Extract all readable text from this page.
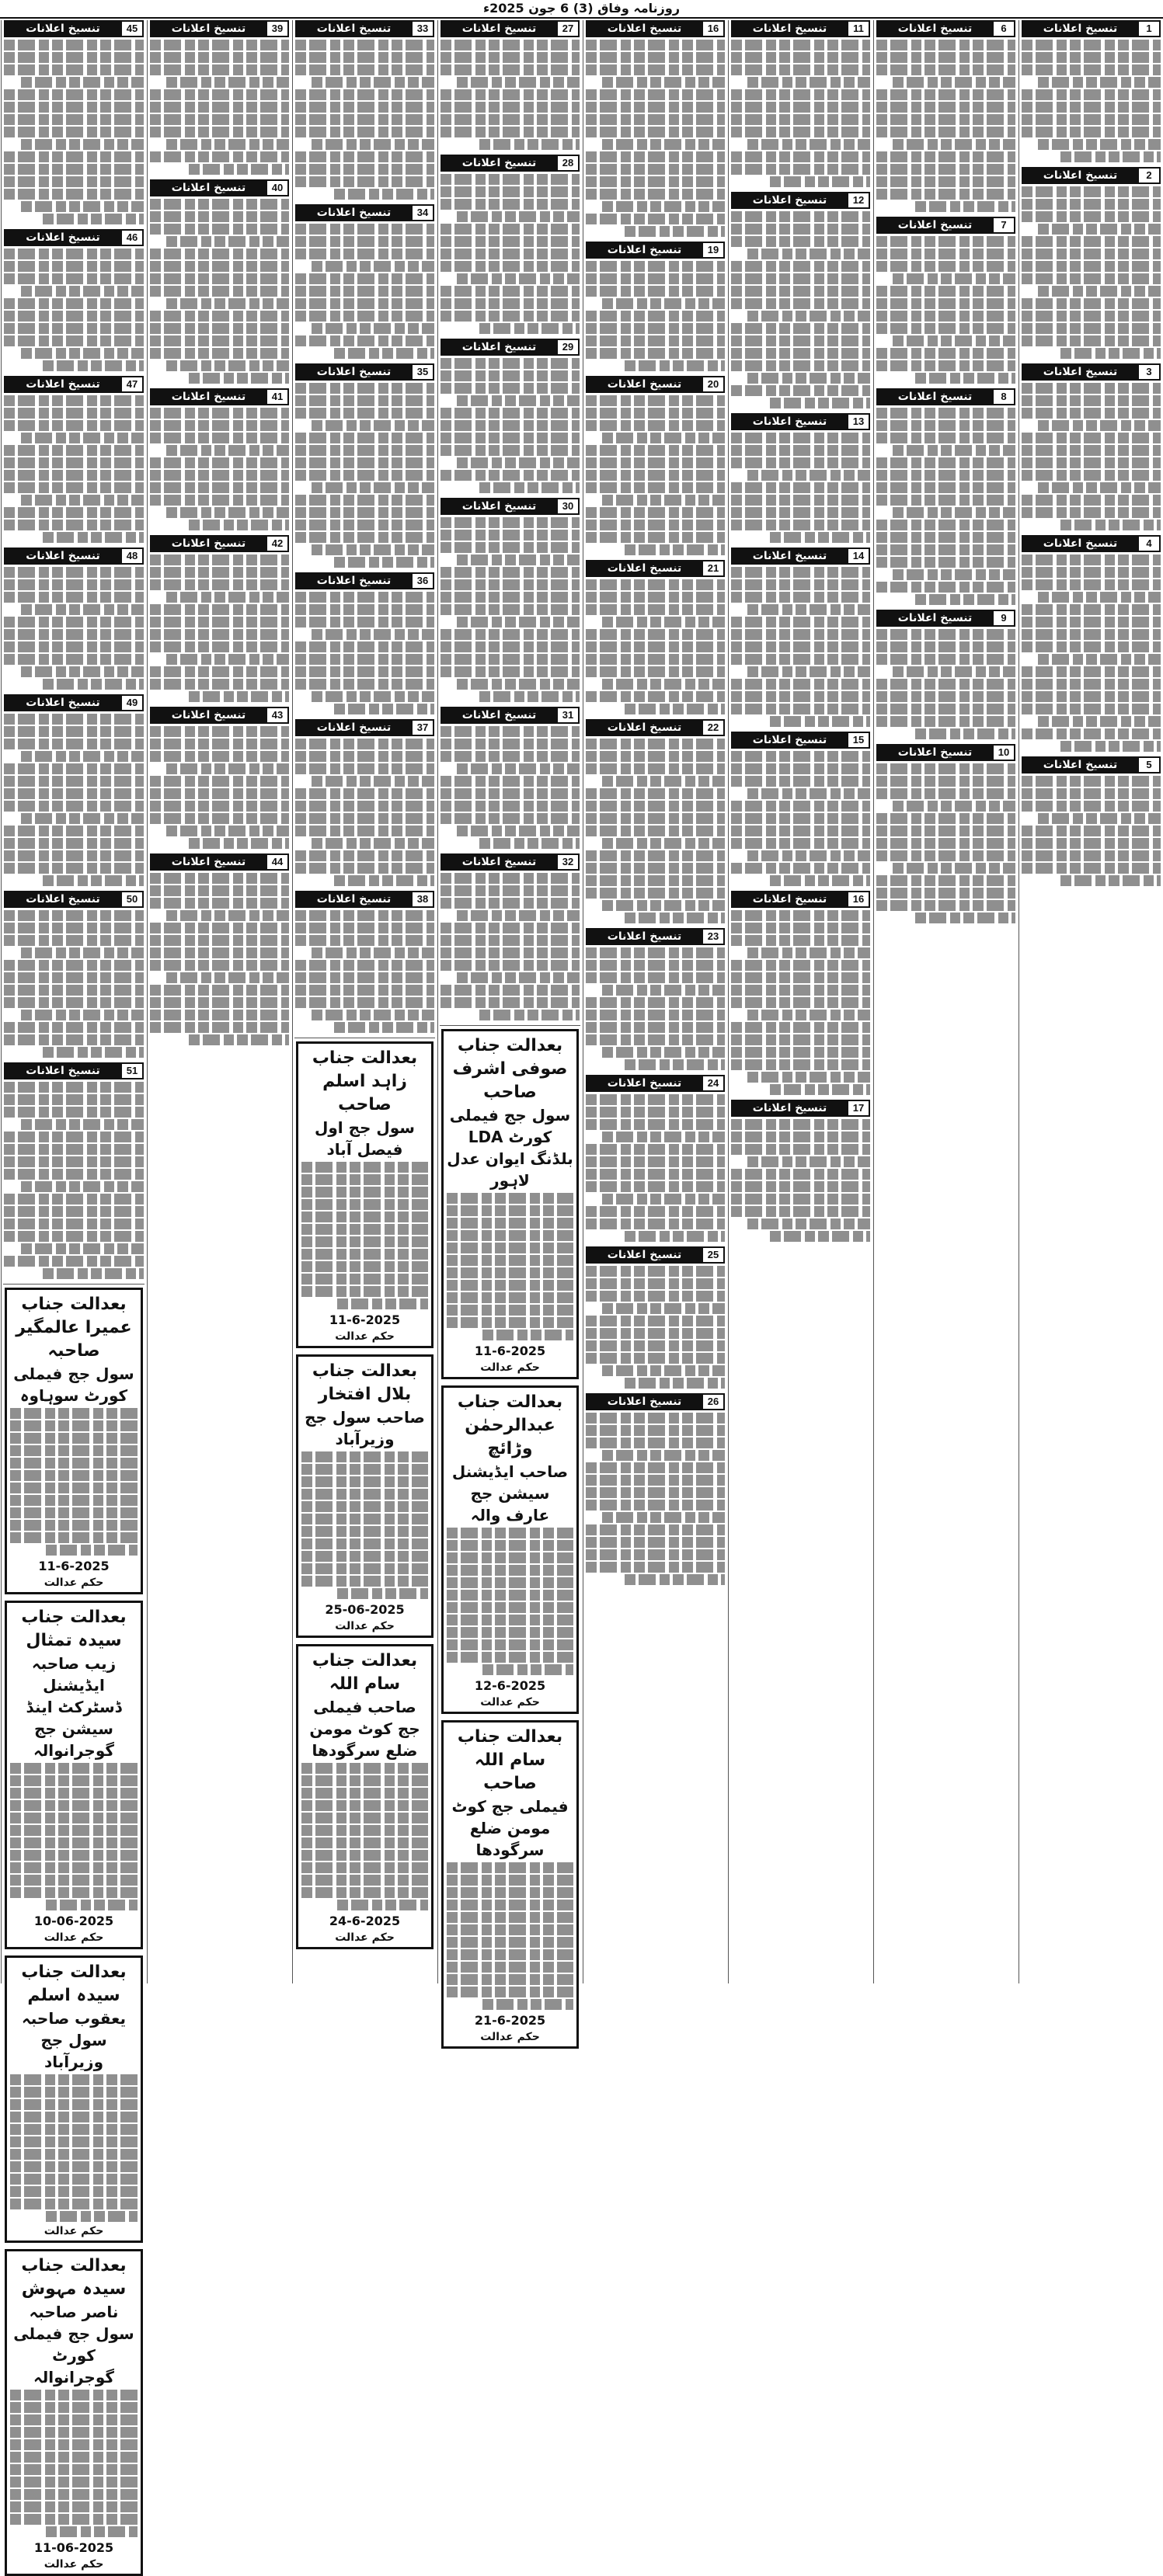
روزنامہ وفاق (3) 6 جون 2025ء
1
تنسیخ اعلانات
2
تنسیخ اعلانات
3
تنسیخ اعلانات
4
تنسیخ اعلانات
5
تنسیخ اعلانات
6
تنسیخ اعلانات
7
تنسیخ اعلانات
8
تنسیخ اعلانات
9
تنسیخ اعلانات
10
تنسیخ اعلانات
11
تنسیخ اعلانات
12
تنسیخ اعلانات
13
تنسیخ اعلانات
14
تنسیخ اعلانات
15
تنسیخ اعلانات
16
تنسیخ اعلانات
17
تنسیخ اعلانات
16
تنسیخ اعلانات
19
تنسیخ اعلانات
20
تنسیخ اعلانات
21
تنسیخ اعلانات
22
تنسیخ اعلانات
23
تنسیخ اعلانات
24
تنسیخ اعلانات
25
تنسیخ اعلانات
26
تنسیخ اعلانات
27
تنسیخ اعلانات
28
تنسیخ اعلانات
29
تنسیخ اعلانات
30
تنسیخ اعلانات
31
تنسیخ اعلانات
32
تنسیخ اعلانات
بعدالت جناب صوفی اشرف صاحب
سول جج فیملی کورٹ LDA بلڈنگ ایوان عدل لاہور
11-6-2025
حکم عدالت
بعدالت جناب عبدالرحمٰن وڑائچ
صاحب ایڈیشنل سیشن جج عارف والہ
12-6-2025
حکم عدالت
بعدالت جناب سام اللہ صاحب
فیملی جج کوٹ مومن ضلع سرگودھا
21-6-2025
حکم عدالت
33
تنسیخ اعلانات
34
تنسیخ اعلانات
35
تنسیخ اعلانات
36
تنسیخ اعلانات
37
تنسیخ اعلانات
38
تنسیخ اعلانات
بعدالت جناب زاہد اسلم صاحب
سول جج اول فیصل آباد
11-6-2025
حکم عدالت
بعدالت جناب بلال افتخار
صاحب سول جج وزیرآباد
25-06-2025
حکم عدالت
بعدالت جناب سام اللہ
صاحب فیملی جج کوٹ مومن ضلع سرگودھا
24-6-2025
حکم عدالت
39
تنسیخ اعلانات
40
تنسیخ اعلانات
41
تنسیخ اعلانات
42
تنسیخ اعلانات
43
تنسیخ اعلانات
44
تنسیخ اعلانات
45
تنسیخ اعلانات
46
تنسیخ اعلانات
47
تنسیخ اعلانات
48
تنسیخ اعلانات
49
تنسیخ اعلانات
50
تنسیخ اعلانات
51
تنسیخ اعلانات
بعدالت جناب عمیرا عالمگیر صاحبہ
سول جج فیملی کورٹ سوہاوہ
11-6-2025
حکم عدالت
بعدالت جناب سیدہ تمثال
زیب صاحبہ ایڈیشنل ڈسٹرکٹ اینڈ سیشن جج گوجرانوالہ
10-06-2025
حکم عدالت
بعدالت جناب سیدہ اسلم
یعقوب صاحبہ سول جج وزیرآباد
حکم عدالت
بعدالت جناب سیدہ مہوش
ناصر صاحبہ سول جج فیملی کورٹ گوجرانوالہ
11-06-2025
حکم عدالت
